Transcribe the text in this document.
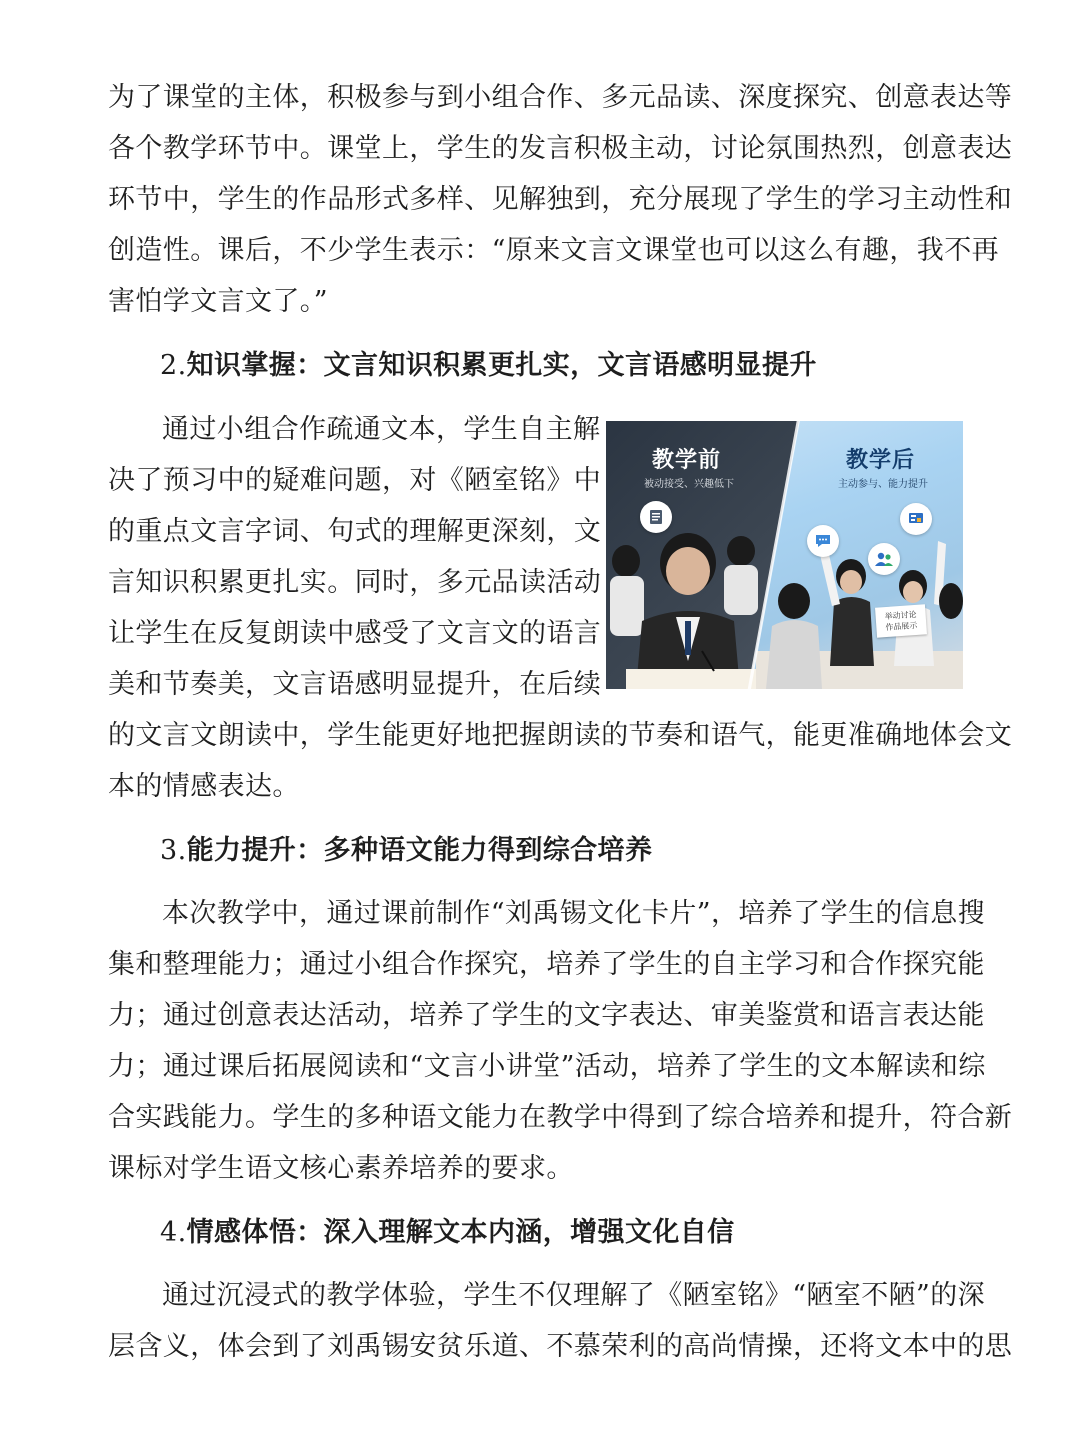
为了课堂的主体，积极参与到小组合作、多元品读、深度探究、创意表达等
各个教学环节中。课堂上，学生的发言积极主动，讨论氛围热烈，创意表达
环节中，学生的作品形式多样、见解独到，充分展现了学生的学习主动性和
创造性。课后，不少学生表示：“原来文言文课堂也可以这么有趣，我不再
害怕学文言文了。”
2.知识掌握：文言知识积累更扎实，文言语感明显提升
通过小组合作疏通文本，学生自主解
决了预习中的疑难问题，对《陋室铭》中
的重点文言字词、句式的理解更深刻，文
言知识积累更扎实。同时，多元品读活动
让学生在反复朗读中感受了文言文的语言
美和节奏美，文言语感明显提升，在后续
的文言文朗读中，学生能更好地把握朗读的节奏和语气，能更准确地体会文
本的情感表达。
教学前
被动接受、兴趣低下
教学后
主动参与、能力提升
举动讨论
作品展示
3.能力提升：多种语文能力得到综合培养
本次教学中，通过课前制作“刘禹锡文化卡片”，培养了学生的信息搜
集和整理能力；通过小组合作探究，培养了学生的自主学习和合作探究能
力；通过创意表达活动，培养了学生的文字表达、审美鉴赏和语言表达能
力；通过课后拓展阅读和“文言小讲堂”活动，培养了学生的文本解读和综
合实践能力。学生的多种语文能力在教学中得到了综合培养和提升，符合新
课标对学生语文核心素养培养的要求。
4.情感体悟：深入理解文本内涵，增强文化自信
通过沉浸式的教学体验，学生不仅理解了《陋室铭》“陋室不陋”的深
层含义，体会到了刘禹锡安贫乐道、不慕荣利的高尚情操，还将文本中的思
